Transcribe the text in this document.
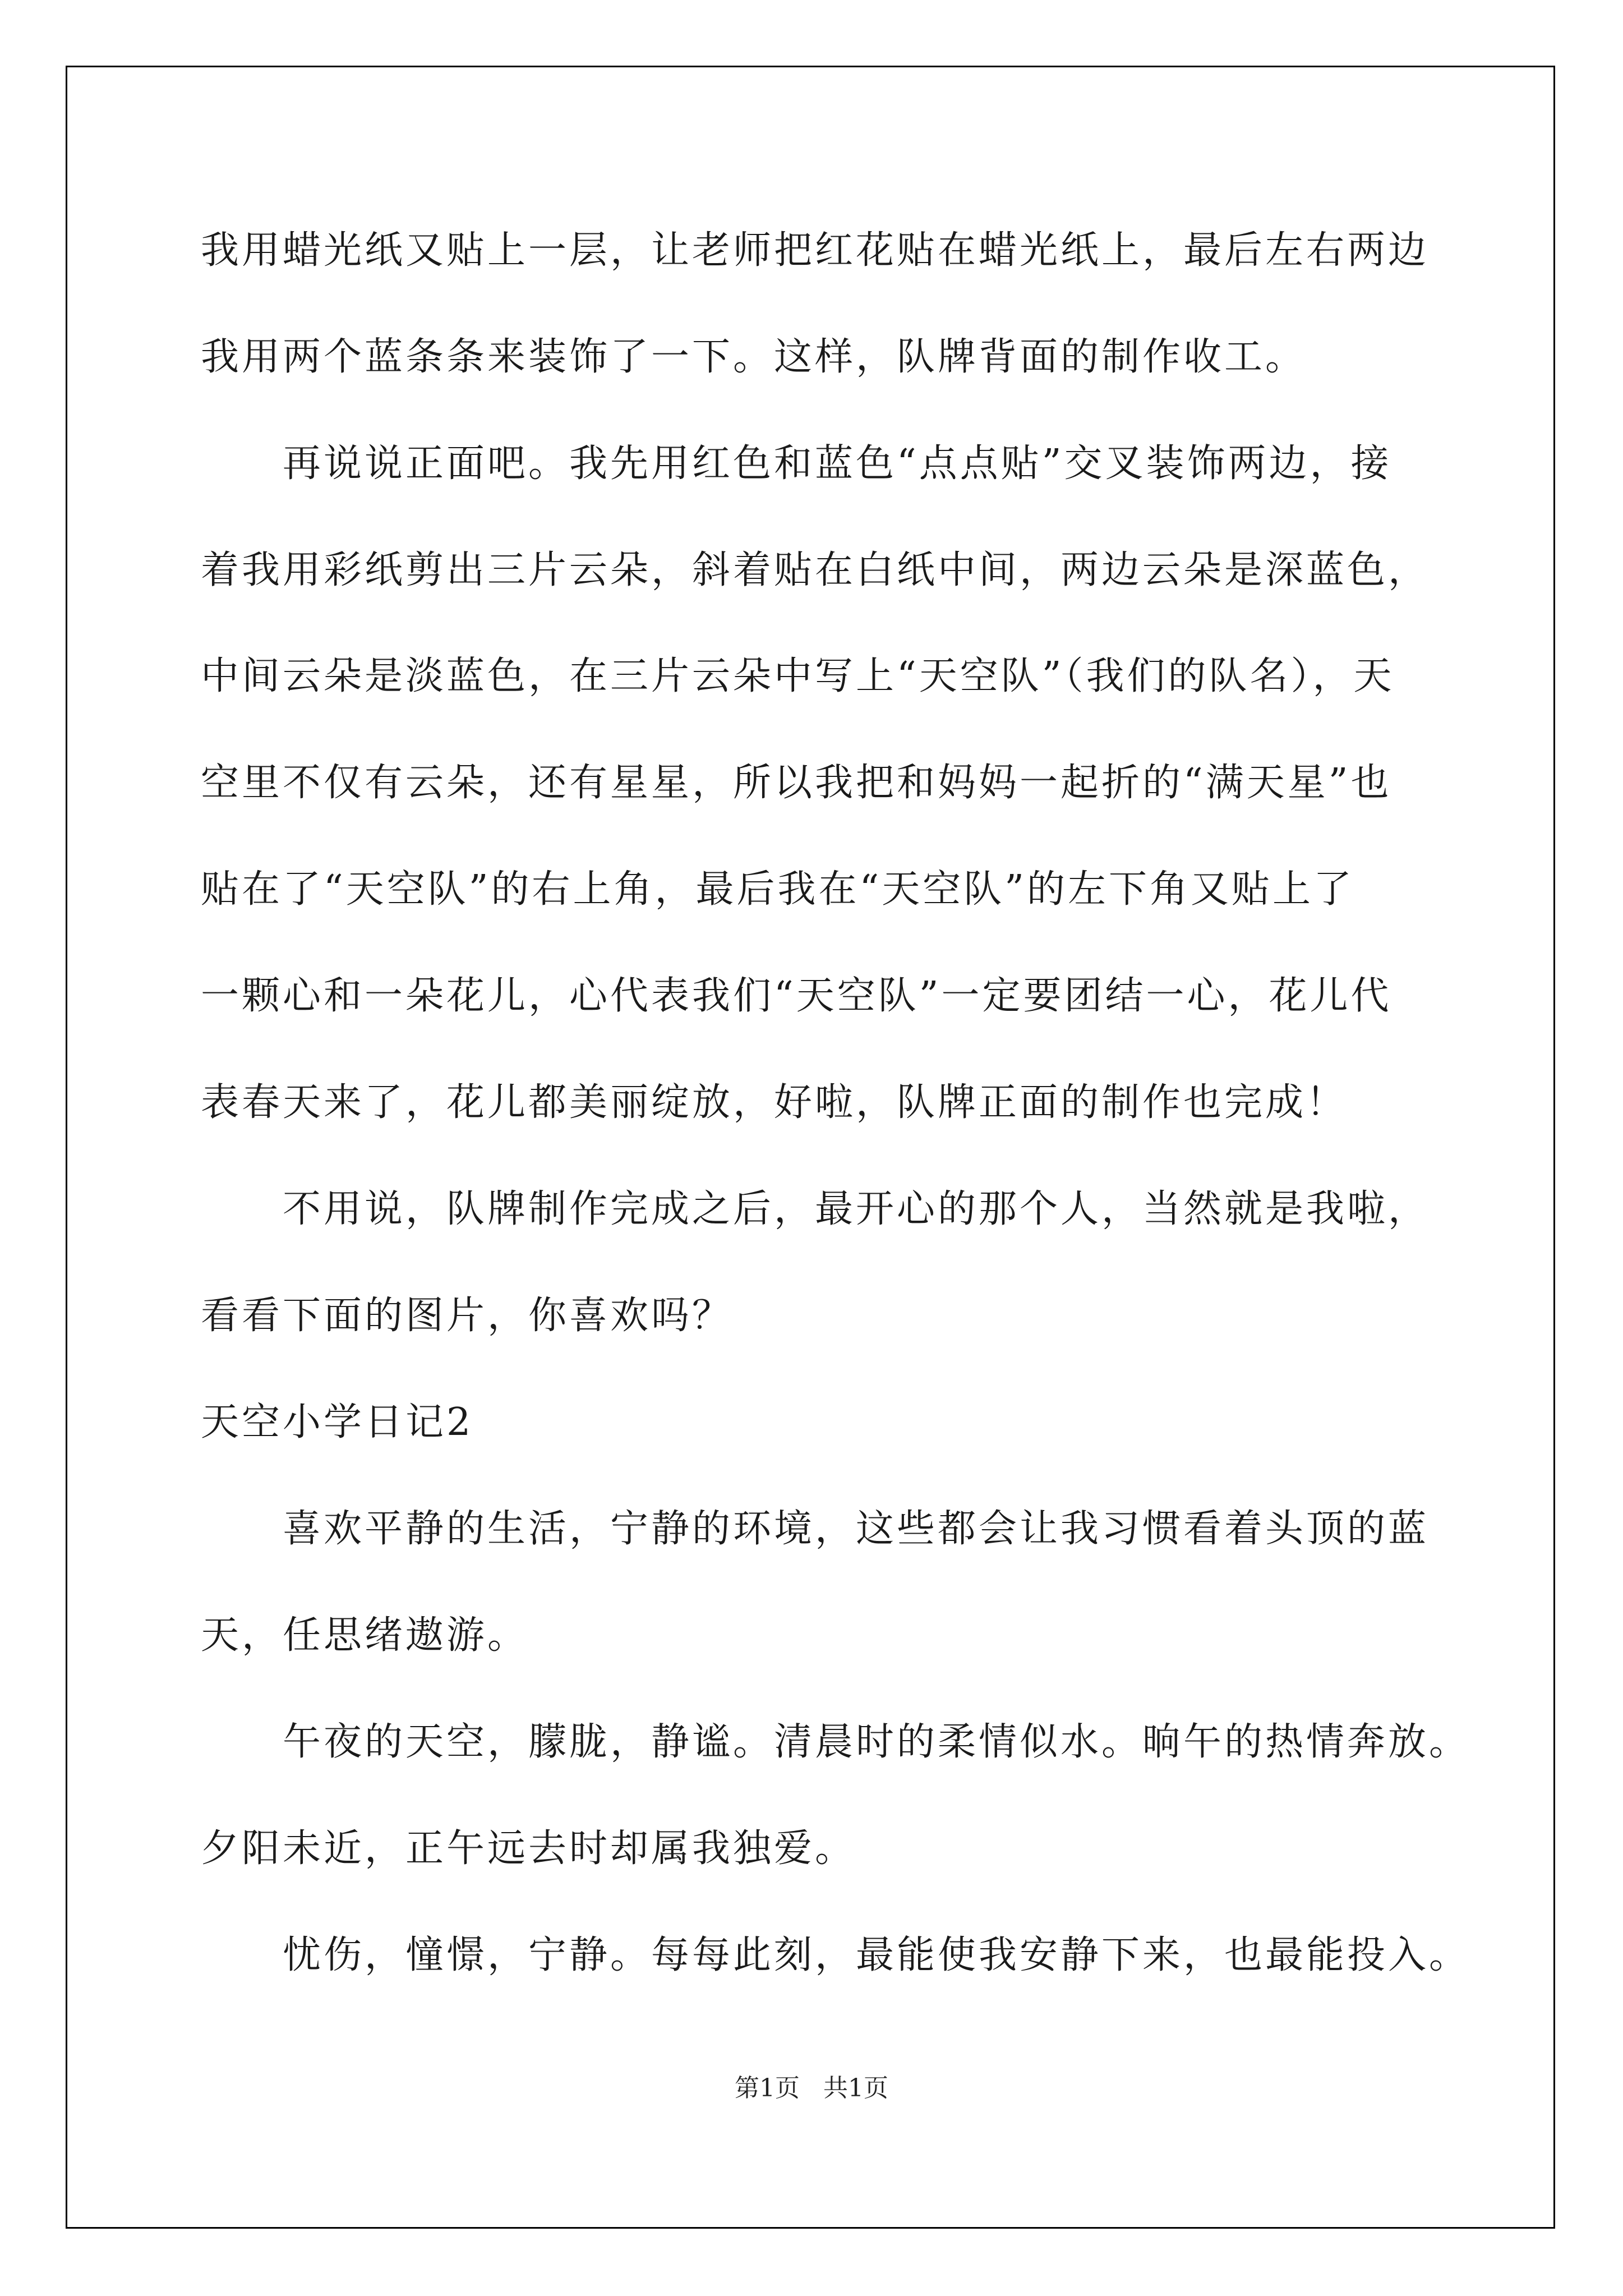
我用蜡光纸又贴上一层，让老师把红花贴在蜡光纸上，最后左右两边
我用两个蓝条条来装饰了一下。这样，队牌背面的制作收工。
再说说正面吧。我先用红色和蓝色“点点贴”交叉装饰两边，接
着我用彩纸剪出三片云朵，斜着贴在白纸中间，两边云朵是深蓝色，
中间云朵是淡蓝色，在三片云朵中写上“天空队”（我们的队名），天
空里不仅有云朵，还有星星，所以我把和妈妈一起折的“满天星”也
贴在了“天空队”的右上角，最后我在“天空队”的左下角又贴上了
一颗心和一朵花儿，心代表我们“天空队”一定要团结一心，花儿代
表春天来了，花儿都美丽绽放，好啦，队牌正面的制作也完成！
不用说，队牌制作完成之后，最开心的那个人，当然就是我啦，
看看下面的图片，你喜欢吗？
天空小学日记2
喜欢平静的生活，宁静的环境，这些都会让我习惯看着头顶的蓝
天，任思绪遨游。
午夜的天空，朦胧，静谧。清晨时的柔情似水。晌午的热情奔放。
夕阳未近，正午远去时却属我独爱。
忧伤，憧憬，宁静。每每此刻，最能使我安静下来，也最能投入。
第1页   共1页
